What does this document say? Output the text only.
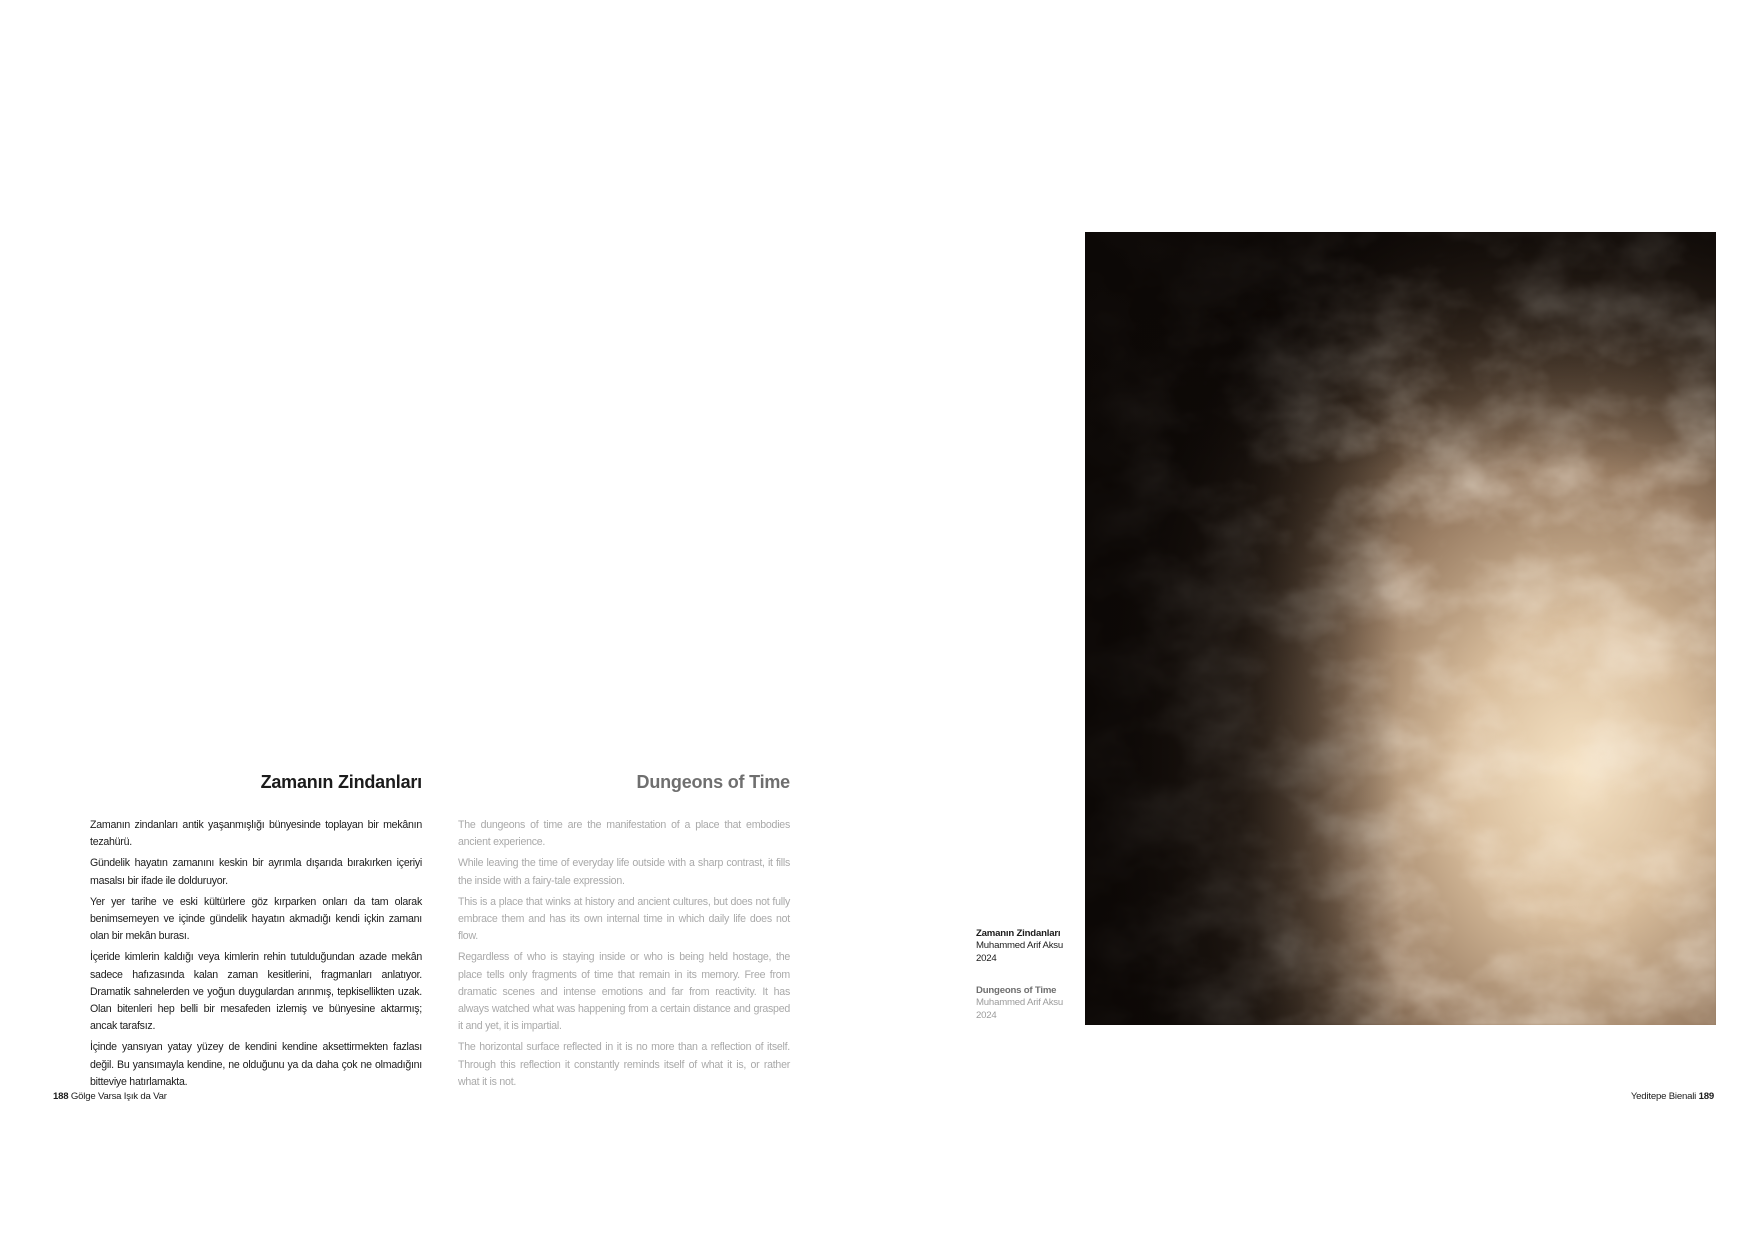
Zamanın Zindanları

Zamanın zindanları antik yaşanmışlığı bünyesinde toplayan bir mekânın tezahürü.

Gündelik hayatın zamanını keskin bir ayrımla dışarıda bırakırken içeriyi masalsı bir ifade ile dolduruyor.

Yer yer tarihe ve eski kültürlere göz kırparken onları da tam olarak benimsemeyen ve içinde gündelik hayatın akmadığı kendi içkin zamanı olan bir mekân burası.

İçeride kimlerin kaldığı veya kimlerin rehin tutulduğundan azade mekân sadece hafızasında kalan zaman kesitlerini, fragmanları anlatıyor. Dramatik sahnelerden ve yoğun duygulardan arınmış, tepkisellikten uzak. Olan bitenleri hep belli bir mesafeden izlemiş ve bünyesine aktarmış; ancak tarafsız.

İçinde yansıyan yatay yüzey de kendini kendine aksettirmekten fazlası değil. Bu yansımayla kendine, ne olduğunu ya da daha çok ne olmadığını bitteviye hatırlamakta.

Dungeons of Time

The dungeons of time are the manifestation of a place that embodies ancient experience.

While leaving the time of everyday life outside with a sharp contrast, it fills the inside with a fairy-tale expression.

This is a place that winks at history and ancient cultures, but does not fully embrace them and has its own internal time in which daily life does not flow.

Regardless of who is staying inside or who is being held hostage, the place tells only fragments of time that remain in its memory. Free from dramatic scenes and intense emotions and far from reactivity. It has always watched what was happening from a certain distance and grasped it and yet, it is impartial.

The horizontal surface reflected in it is no more than a reflection of itself. Through this reflection it constantly reminds itself of what it is, or rather what it is not.

Zamanın Zindanları
Muhammed Arif Aksu
2024
Dungeons of Time
Muhammed Arif Aksu
2024
188 Gölge Varsa Işık da Var	Yeditepe Bienali 189
